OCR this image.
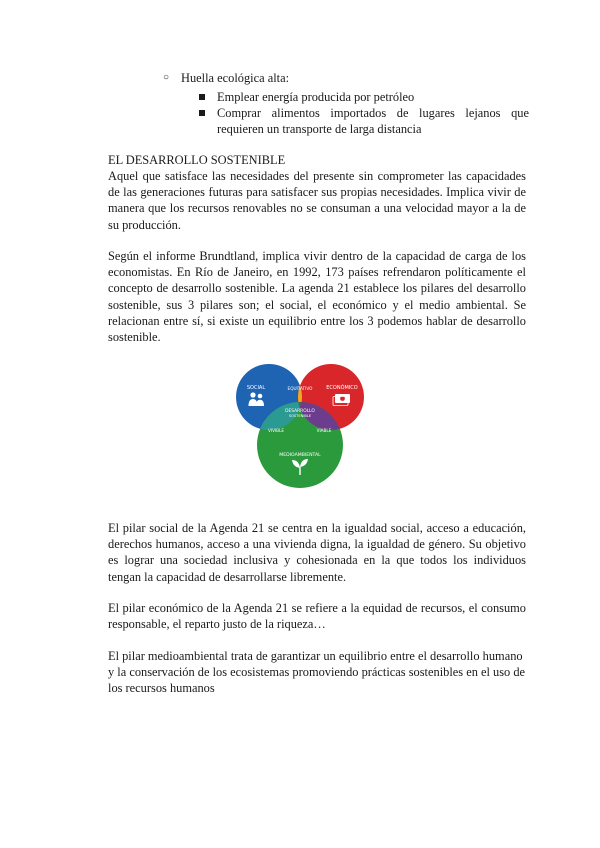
○ Huella ecológica alta:
Emplear energía producida por petróleo
Comprar alimentos importados de lugares lejanos que requieren un transporte de larga distancia
EL DESARROLLO SOSTENIBLE

Aquel que satisface las necesidades del presente sin comprometer las capacidades de las generaciones futuras para satisfacer sus propias necesidades. Implica vivir de manera que los recursos renovables no se consuman a una velocidad mayor a la de su producción.

Según el informe Brundtland, implica vivir dentro de la capacidad de carga de los economistas. En Río de Janeiro, en 1992, 173 países refrendaron políticamente el concepto de desarrollo sostenible. La agenda 21 establece los pilares del desarrollo sostenible, sus 3 pilares son; el social, el económico y el medio ambiental. Se relacionan entre sí, si existe un equilibrio entre los 3 podemos hablar de desarrollo sostenible.

SOCIAL	ECONÓMICO
EQUITATIVO
DESARROLLO
SOSTENIBLE
VIVIBLE	VIABLE
MEDIOAMBIENTAL

El pilar social de la Agenda 21 se centra en la igualdad social, acceso a educación, derechos humanos, acceso a una vivienda digna, la igualdad de género. Su objetivo es lograr una sociedad inclusiva y cohesionada en la que todos los individuos tengan la capacidad de desarrollarse libremente.

El pilar económico de la Agenda 21 se refiere a la equidad de recursos, el consumo responsable, el reparto justo de la riqueza…

El pilar medioambiental trata de garantizar un equilibrio entre el desarrollo humano y la conservación de los ecosistemas promoviendo prácticas sostenibles en el uso de los recursos humanos
